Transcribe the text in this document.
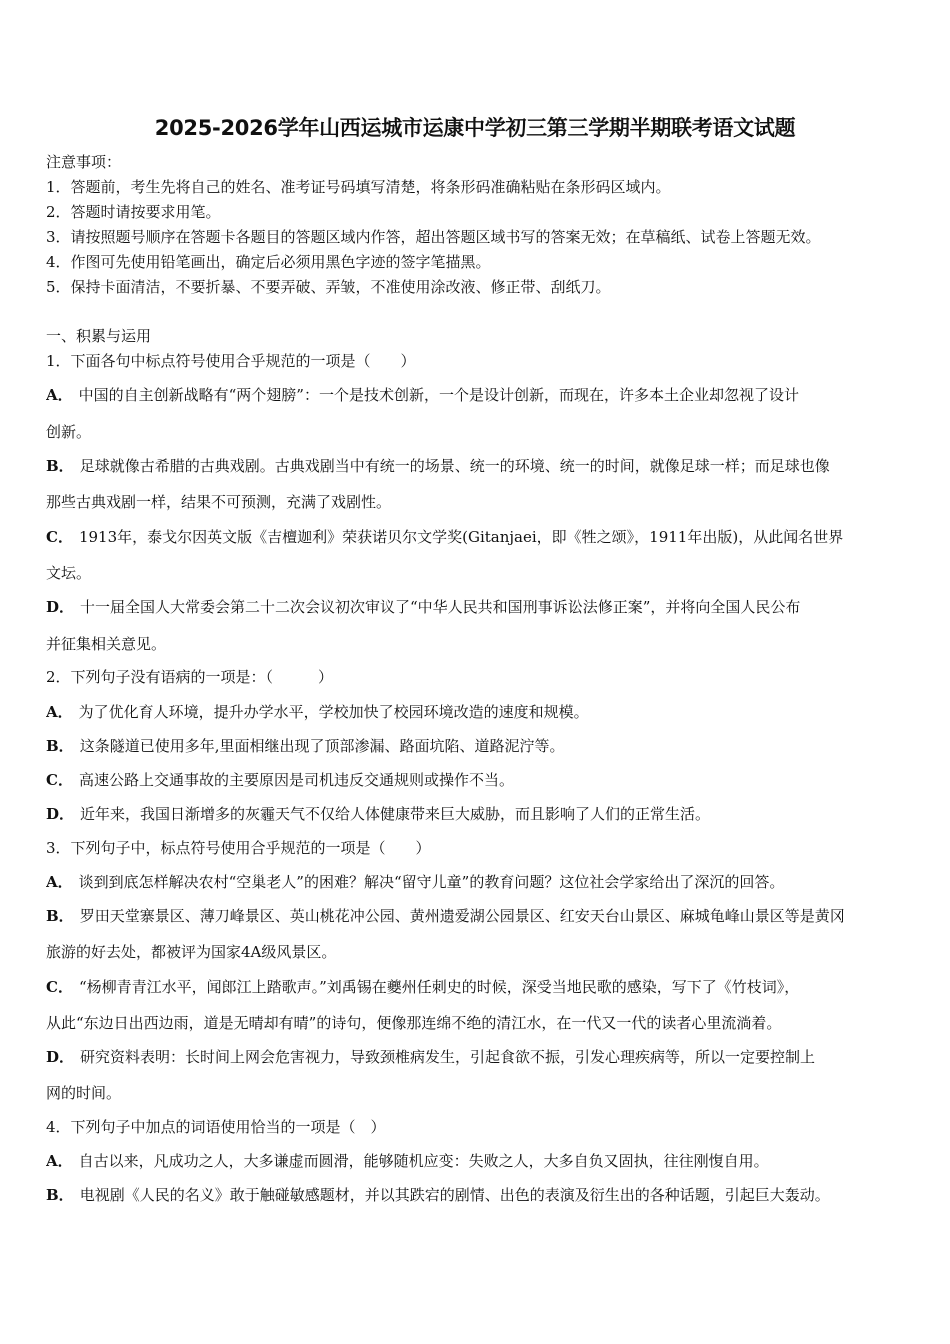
2025-2026学年山西运城市运康中学初三第三学期半期联考语文试题
注意事项：
1．答题前，考生先将自己的姓名、准考证号码填写清楚，将条形码准确粘贴在条形码区域内。
2．答题时请按要求用笔。
3．请按照题号顺序在答题卡各题目的答题区域内作答，超出答题区域书写的答案无效；在草稿纸、试卷上答题无效。
4．作图可先使用铅笔画出，确定后必须用黑色字迹的签字笔描黑。
5．保持卡面清洁，不要折暴、不要弄破、弄皱，不准使用涂改液、修正带、刮纸刀。
一、积累与运用
1．下面各句中标点符号使用合乎规范的一项是（　　）
A． 中国的自主创新战略有“两个翅膀”：一个是技术创新，一个是设计创新，而现在，许多本土企业却忽视了设计
创新。
B． 足球就像古希腊的古典戏剧。古典戏剧当中有统一的场景、统一的环境、统一的时间，就像足球一样；而足球也像
那些古典戏剧一样，结果不可预测，充满了戏剧性。
C． 1913年，泰戈尔因英文版《吉檀迦利》荣获诺贝尔文学奖(Gitanjaei，即《牲之颂》，1911年出版)，从此闻名世界
文坛。
D． 十一届全国人大常委会第二十二次会议初次审议了“中华人民共和国刑事诉讼法修正案”，并将向全国人民公布
并征集相关意见。
2．下列句子没有语病的一项是：（　　　）
A． 为了优化育人环境，提升办学水平，学校加快了校园环境改造的速度和规模。
B． 这条隧道已使用多年,里面相继出现了顶部渗漏、路面坑陷、道路泥泞等。
C． 高速公路上交通事故的主要原因是司机违反交通规则或操作不当。
D． 近年来，我国日渐增多的灰霾天气不仅给人体健康带来巨大威胁，而且影响了人们的正常生活。
3．下列句子中，标点符号使用合乎规范的一项是（　　）
A． 谈到到底怎样解决农村“空巢老人”的困难？解决“留守儿童”的教育问题？这位社会学家给出了深沉的回答。
B． 罗田天堂寨景区、薄刀峰景区、英山桃花冲公园、黄州遗爱湖公园景区、红安天台山景区、麻城龟峰山景区等是黄冈
旅游的好去处，都被评为国家4A级风景区。
C． “杨柳青青江水平，闻郎江上踏歌声。”刘禹锡在夔州任刺史的时候，深受当地民歌的感染，写下了《竹枝词》，
从此“东边日出西边雨，道是无晴却有晴”的诗句，便像那连绵不绝的清江水，在一代又一代的读者心里流淌着。
D． 研究资料表明：长时间上网会危害视力，导致颈椎病发生，引起食欲不振，引发心理疾病等，所以一定要控制上
网的时间。
4．下列句子中加点的词语使用恰当的一项是（　）
A． 自古以来，凡成功之人，大多谦虚而圆滑，能够随机应变：失败之人，大多自负又固执，往往刚愎自用。
B． 电视剧《人民的名义》敢于触碰敏感题材，并以其跌宕的剧情、出色的表演及衍生出的各种话题，引起巨大轰动。
